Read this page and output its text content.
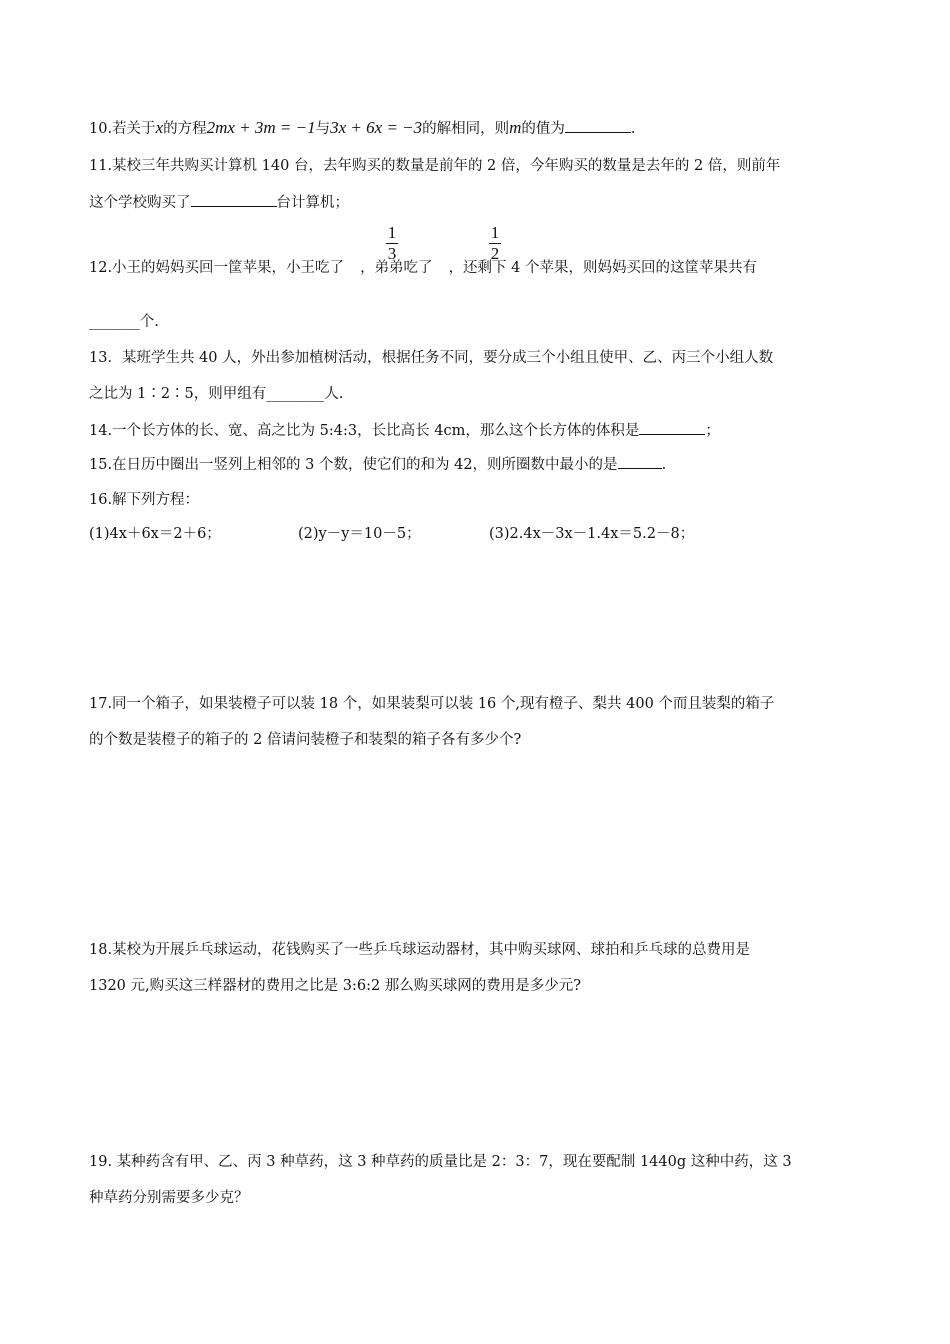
10.若关于x的方程2mx + 3m = −1与3x + 6x = −3的解相同，则m的值为	.
11.某校三年共购买计算机 140 台，去年购买的数量是前年的 2 倍，今年购买的数量是去年的 2 倍，则前年
这个学校购买了	台计算机；
12.小王的妈妈买回一筐苹果，小王吃了 ，弟弟吃了 ，还剩下 4 个苹果，则妈妈买回的这筐苹果共有
1
3
1
2
_______个.
13．某班学生共 40 人，外出参加植树活动，根据任务不同，要分成三个小组且使甲、乙、丙三个小组人数
之比为 1∶2∶5，则甲组有________人.
14.一个长方体的长、宽、高之比为 5:4:3，长比高长 4cm，那么这个长方体的体积是	；
15.在日历中圈出一竖列上相邻的 3 个数，使它们的和为 42，则所圈数中最小的是	.
16.解下列方程：
(1)4x＋6x＝2＋6；	(2)y－y＝10－5；	(3)2.4x－3x－1.4x＝5.2－8；
17.同一个箱子，如果装橙子可以装 18 个，如果装梨可以装 16 个,现有橙子、梨共 400 个而且装梨的箱子
的个数是装橙子的箱子的 2 倍请问装橙子和装梨的箱子各有多少个?
18.某校为开展乒乓球运动，花钱购买了一些乒乓球运动器材，其中购买球网、球拍和乒乓球的总费用是
1320 元,购买这三样器材的费用之比是 3:6:2 那么购买球网的费用是多少元?
19. 某种药含有甲、乙、丙 3 种草药，这 3 种草药的质量比是 2：3：7，现在要配制 1440g 这种中药，这 3
种草药分别需要多少克？
